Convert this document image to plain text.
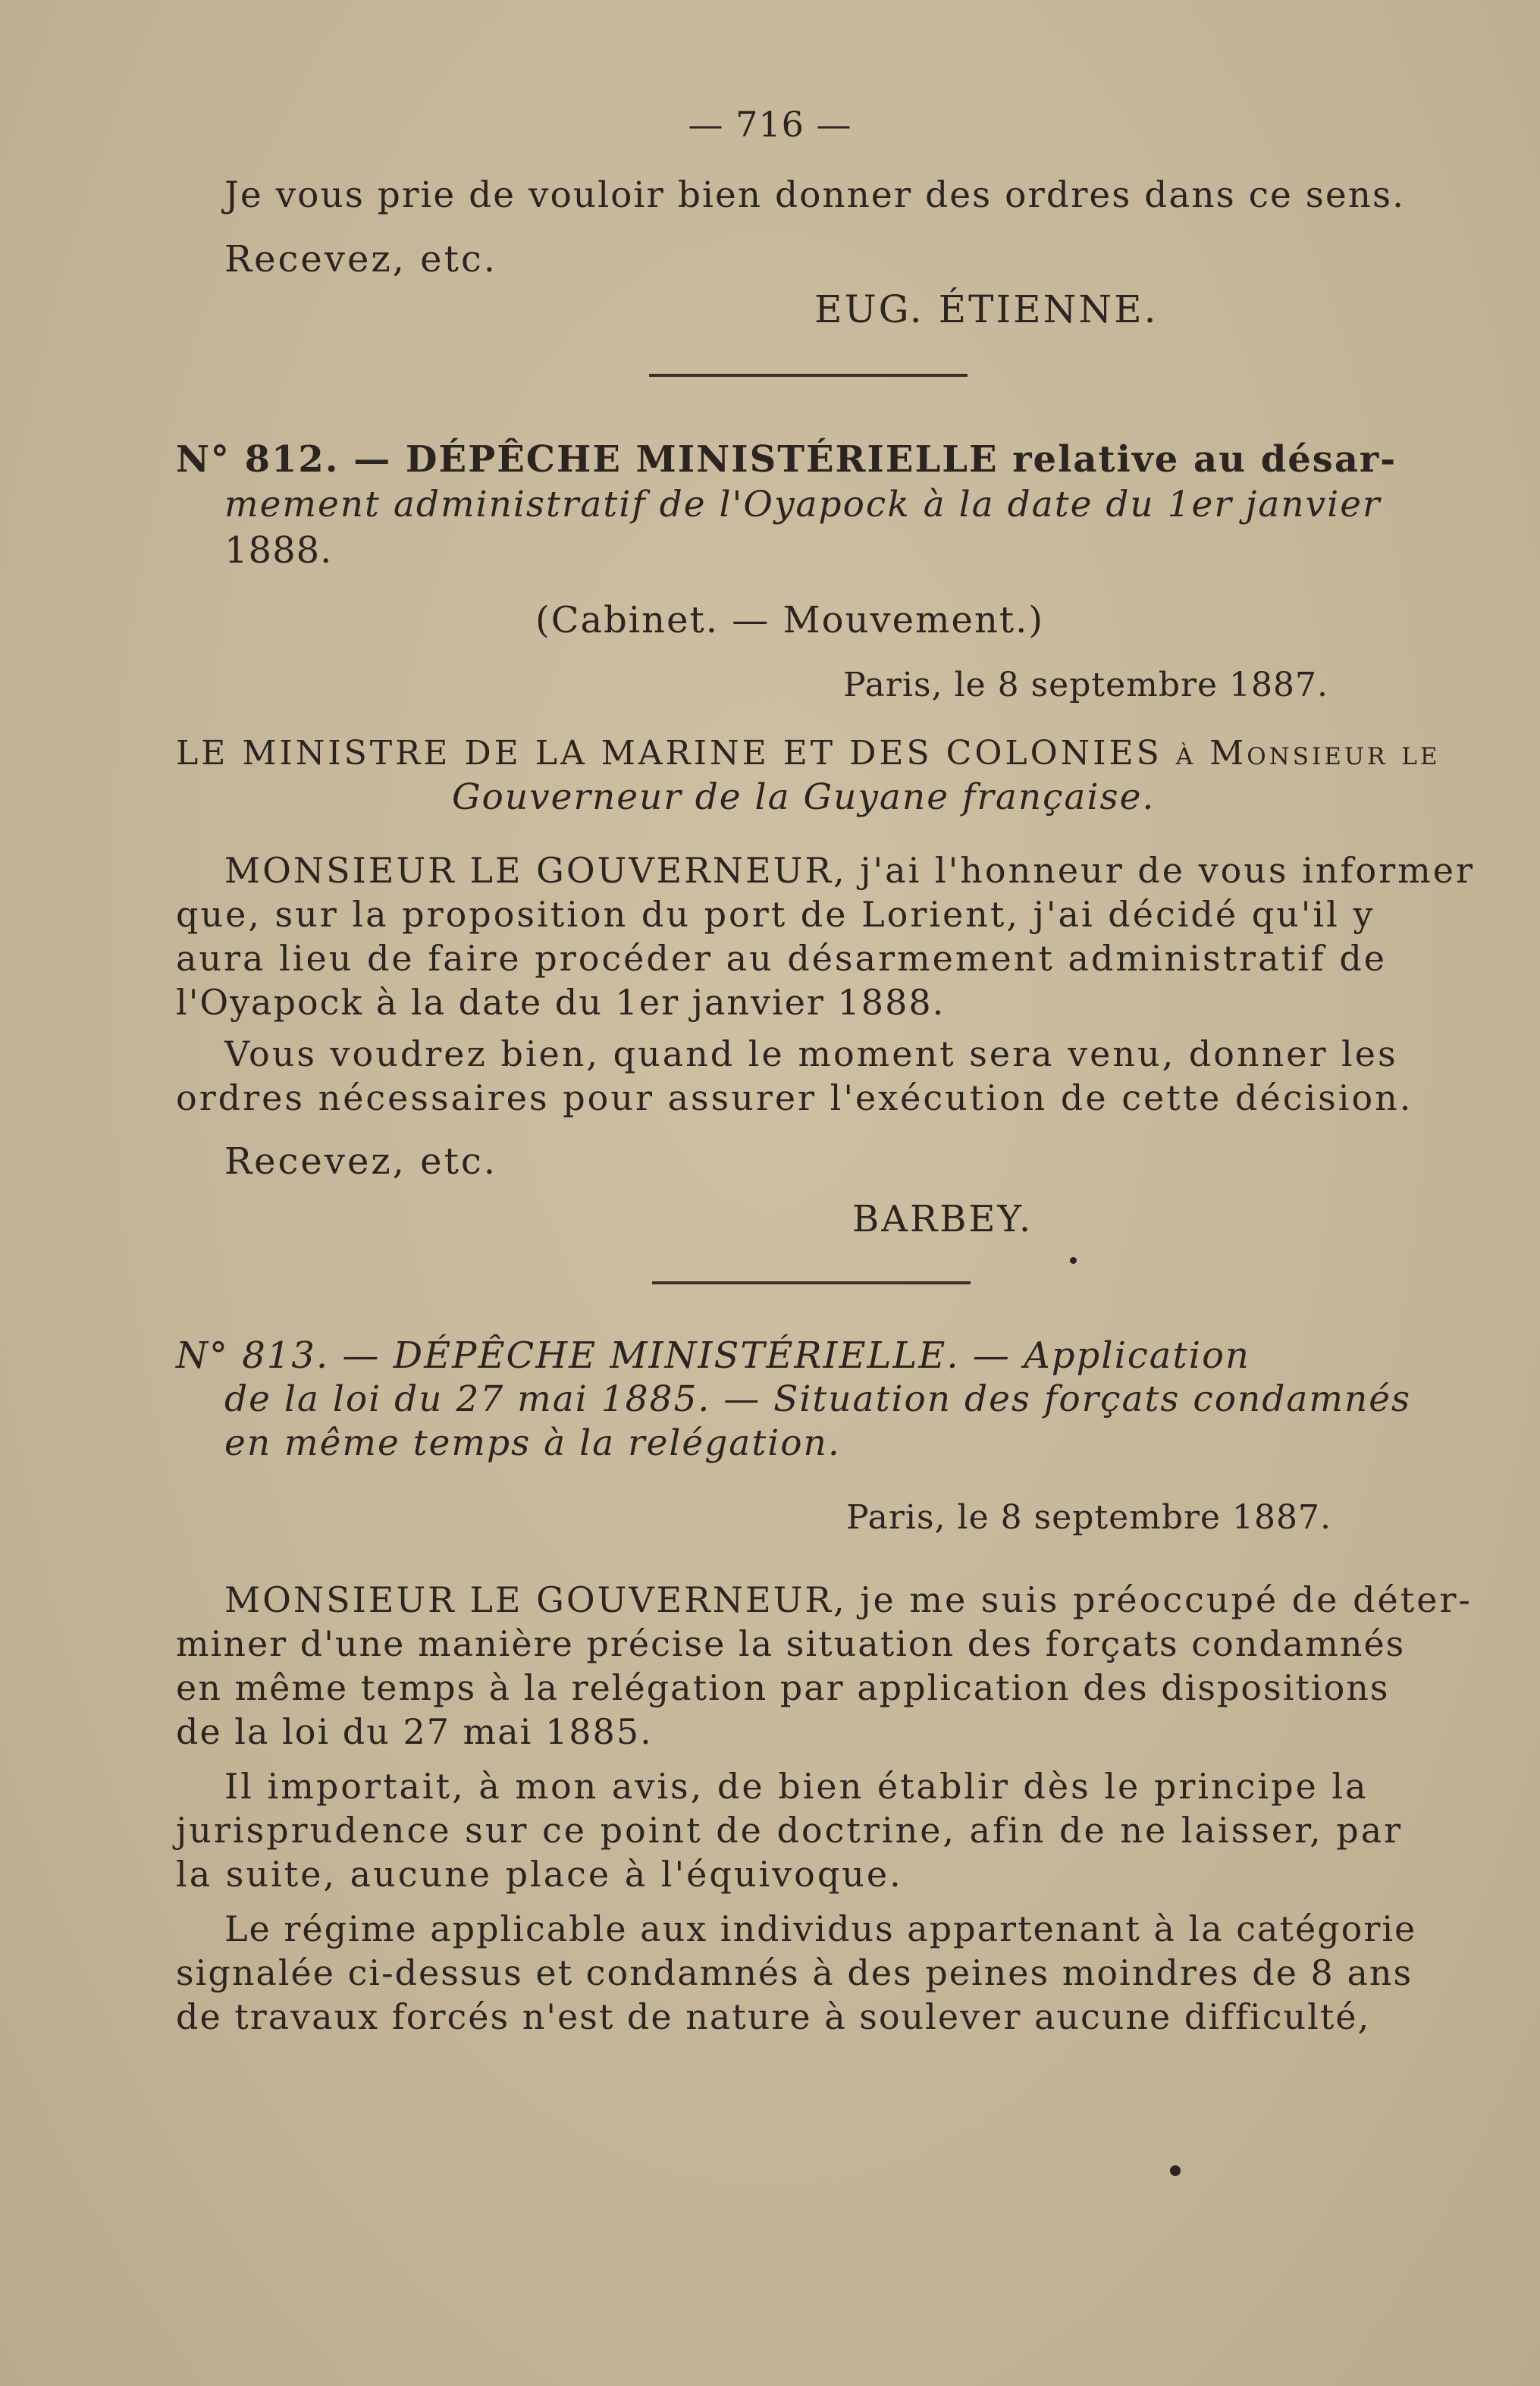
— 716 —
Je vous prie de vouloir bien donner des ordres dans ce sens.
Recevez, etc.
EUG. ÉTIENNE.
N° 812. — DÉPÊCHE MINISTÉRIELLE relative au désar-
mement administratif de l'Oyapock à la date du 1er janvier
1888.
(Cabinet. — Mouvement.)
Paris, le 8 septembre 1887.
LE MINISTRE DE LA MARINE ET DES COLONIES à Monsieur le
Gouverneur de la Guyane française.
MONSIEUR LE GOUVERNEUR, j'ai l'honneur de vous informer
que, sur la proposition du port de Lorient, j'ai décidé qu'il y
aura lieu de faire procéder au désarmement administratif de
l'Oyapock à la date du 1er janvier 1888.
Vous voudrez bien, quand le moment sera venu, donner les
ordres nécessaires pour assurer l'exécution de cette décision.
Recevez, etc.
BARBEY.
N° 813. — DÉPÊCHE MINISTÉRIELLE. — Application
de la loi du 27 mai 1885. — Situation des forçats condamnés
en même temps à la relégation.
Paris, le 8 septembre 1887.
MONSIEUR LE GOUVERNEUR, je me suis préoccupé de déter-
miner d'une manière précise la situation des forçats condamnés
en même temps à la relégation par application des dispositions
de la loi du 27 mai 1885.
Il importait, à mon avis, de bien établir dès le principe la
jurisprudence sur ce point de doctrine, afin de ne laisser, par
la suite, aucune place à l'équivoque.
Le régime applicable aux individus appartenant à la catégorie
signalée ci-dessus et condamnés à des peines moindres de 8 ans
de travaux forcés n'est de nature à soulever aucune difficulté,
